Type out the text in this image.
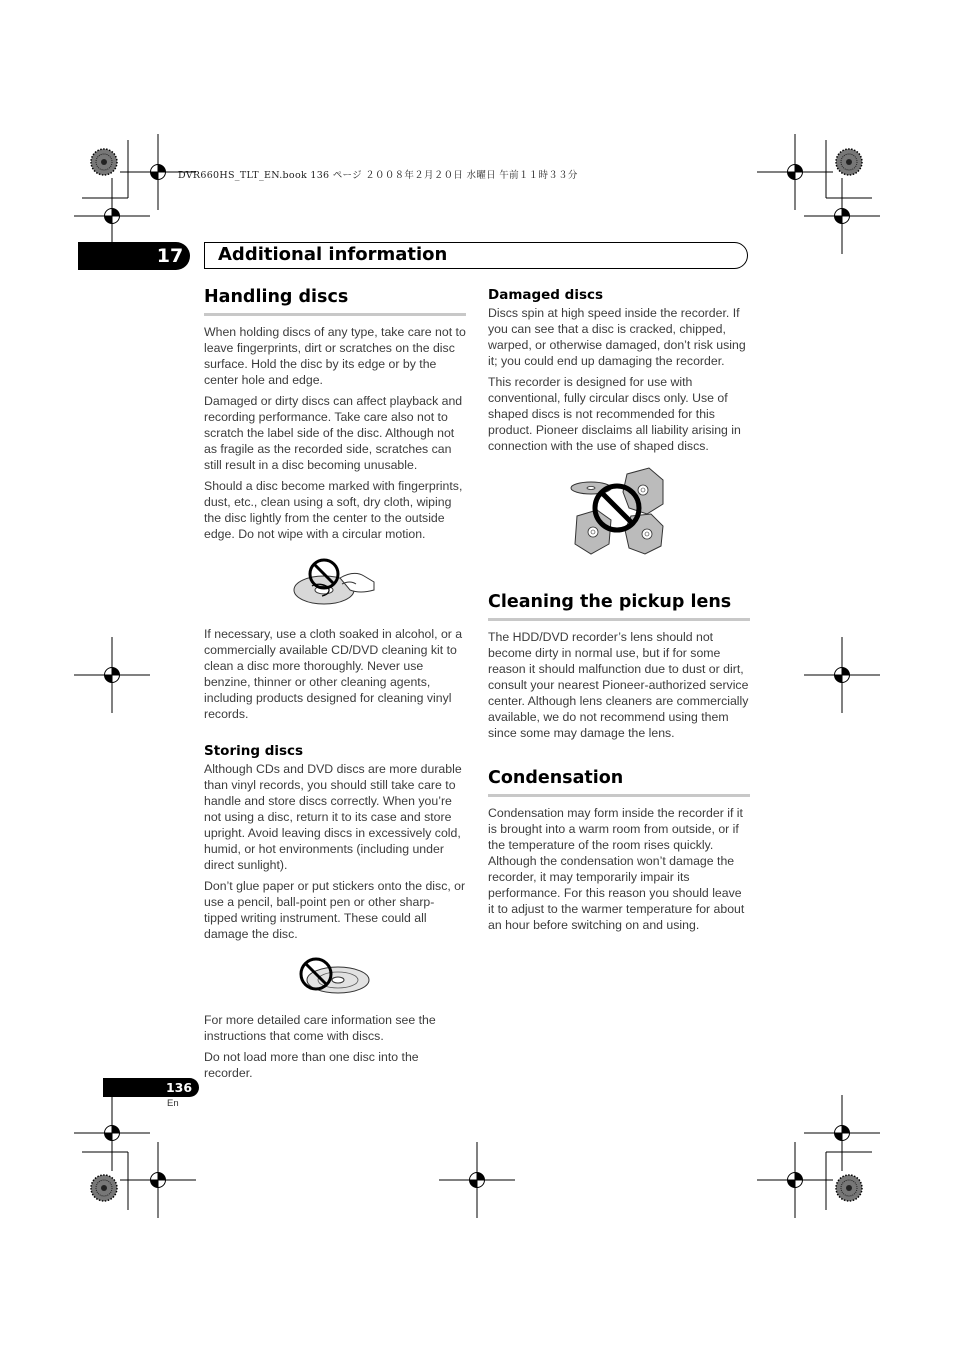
DVR660HS_TLT_EN.book 136 ページ ２００８年２月２０日 水曜日 午前１１時３３分
17	Additional information
Handling discs

When holding discs of any type, take care not to leave fingerprints, dirt or scratches on the disc surface. Hold the disc by its edge or by the center hole and edge.

Damaged or dirty discs can affect playback and recording performance. Take care also not to scratch the label side of the disc. Although not as fragile as the recorded side, scratches can still result in a disc becoming unusable.

Should a disc become marked with fingerprints, dust, etc., clean using a soft, dry cloth, wiping the disc lightly from the center to the outside edge. Do not wipe with a circular motion.

If necessary, use a cloth soaked in alcohol, or a commercially available CD/DVD cleaning kit to clean a disc more thoroughly. Never use benzine, thinner or other cleaning agents, including products designed for cleaning vinyl records.

Storing discs

Although CDs and DVD discs are more durable than vinyl records, you should still take care to handle and store discs correctly. When you’re not using a disc, return it to its case and store upright. Avoid leaving discs in excessively cold, humid, or hot environments (including under direct sunlight).

Don’t glue paper or put stickers onto the disc, or use a pencil, ball-point pen or other sharp-tipped writing instrument. These could all damage the disc.

For more detailed care information see the instructions that come with discs.

Do not load more than one disc into the recorder.

Damaged discs

Discs spin at high speed inside the recorder. If you can see that a disc is cracked, chipped, warped, or otherwise damaged, don’t risk using it; you could end up damaging the recorder.

This recorder is designed for use with conventional, fully circular discs only. Use of shaped discs is not recommended for this product. Pioneer disclaims all liability arising in connection with the use of shaped discs.

Cleaning the pickup lens

The HDD/DVD recorder’s lens should not become dirty in normal use, but if for some reason it should malfunction due to dust or dirt, consult your nearest Pioneer-authorized service center. Although lens cleaners are commercially available, we do not recommend using them since some may damage the lens.

Condensation

Condensation may form inside the recorder if it is brought into a warm room from outside, or if the temperature of the room rises quickly. Although the condensation won’t damage the recorder, it may temporarily impair its performance. For this reason you should leave it to adjust to the warmer temperature for about an hour before switching on and using.

136
En
